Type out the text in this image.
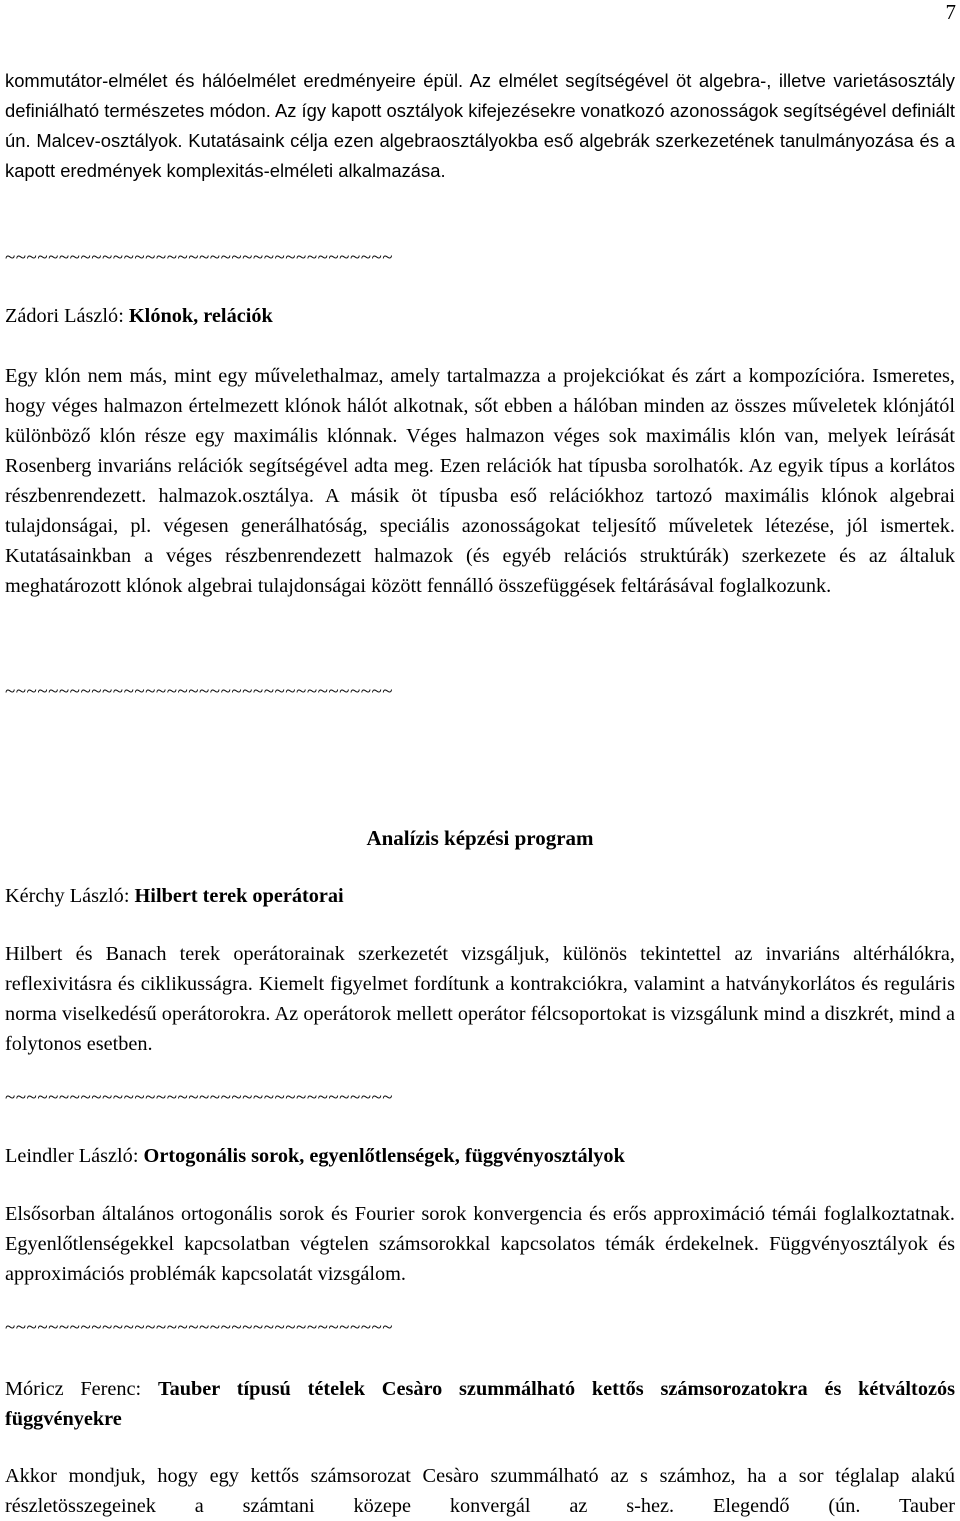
7

kommutátor-elmélet és hálóelmélet eredményeire épül. Az elmélet segítségével öt algebra-, illetve varietásosztály definiálható természetes módon. Az így kapott osztályok kifejezésekre vonatkozó azonosságok segítségével definiált ún. Malcev-osztályok. Kutatásaink célja ezen algebraosztályokba eső algebrák szerkezetének tanulmányozása és a kapott eredmények komplexitás-elméleti alkalmazása.

~~~~~~~~~~~~~~~~~~~~~~~~~~~~~~~~~~~~

Zádori László: Klónok, relációk

Egy klón nem más, mint egy művelethalmaz, amely tartalmazza a projekciókat és zárt a kompozícióra. Ismeretes, hogy véges halmazon értelmezett klónok hálót alkotnak, sőt ebben a hálóban minden az összes műveletek klónjától különböző klón része egy maximális klónnak. Véges halmazon véges sok maximális klón van, melyek leírását Rosenberg invariáns relációk segítségével adta meg. Ezen relációk hat típusba sorolhatók. Az egyik típus a korlátos részbenrendezett. halmazok.osztálya. A másik öt típusba eső relációkhoz tartozó maximális klónok algebrai tulajdonságai, pl. végesen generálhatóság, speciális azonosságokat teljesítő műveletek létezése, jól ismertek. Kutatásainkban a véges részbenrendezett halmazok (és egyéb relációs struktúrák) szerkezete és az általuk meghatározott klónok algebrai tulajdonságai között fennálló összefüggések feltárásával foglalkozunk.

~~~~~~~~~~~~~~~~~~~~~~~~~~~~~~~~~~~~

Analízis képzési program

Kérchy László: Hilbert terek operátorai

Hilbert és Banach terek operátorainak szerkezetét vizsgáljuk, különös tekintettel az invariáns altérhálókra, reflexivitásra és ciklikusságra. Kiemelt figyelmet fordítunk a kontrakciókra, valamint a hatványkorlátos és reguláris norma viselkedésű operátorokra. Az operátorok mellett operátor félcsoportokat is vizsgálunk mind a diszkrét, mind a folytonos esetben.

~~~~~~~~~~~~~~~~~~~~~~~~~~~~~~~~~~~~

Leindler László: Ortogonális sorok, egyenlőtlenségek, függvényosztályok

Elsősorban általános ortogonális sorok és Fourier sorok konvergencia és erős approximáció témái foglalkoztatnak. Egyenlőtlenségekkel kapcsolatban végtelen számsorokkal kapcsolatos témák érdekelnek. Függvényosztályok és approximációs problémák kapcsolatát vizsgálom.

~~~~~~~~~~~~~~~~~~~~~~~~~~~~~~~~~~~~

Móricz Ferenc: Tauber típusú tételek Cesàro szummálható kettős számsorozatokra és kétváltozós függvényekre

Akkor mondjuk, hogy egy kettős számsorozat Cesàro szummálható az s számhoz, ha a sor téglalap alakú részletösszegeinek a számtani közepe konvergál az s-hez. Elegendő (ún. Tauber
